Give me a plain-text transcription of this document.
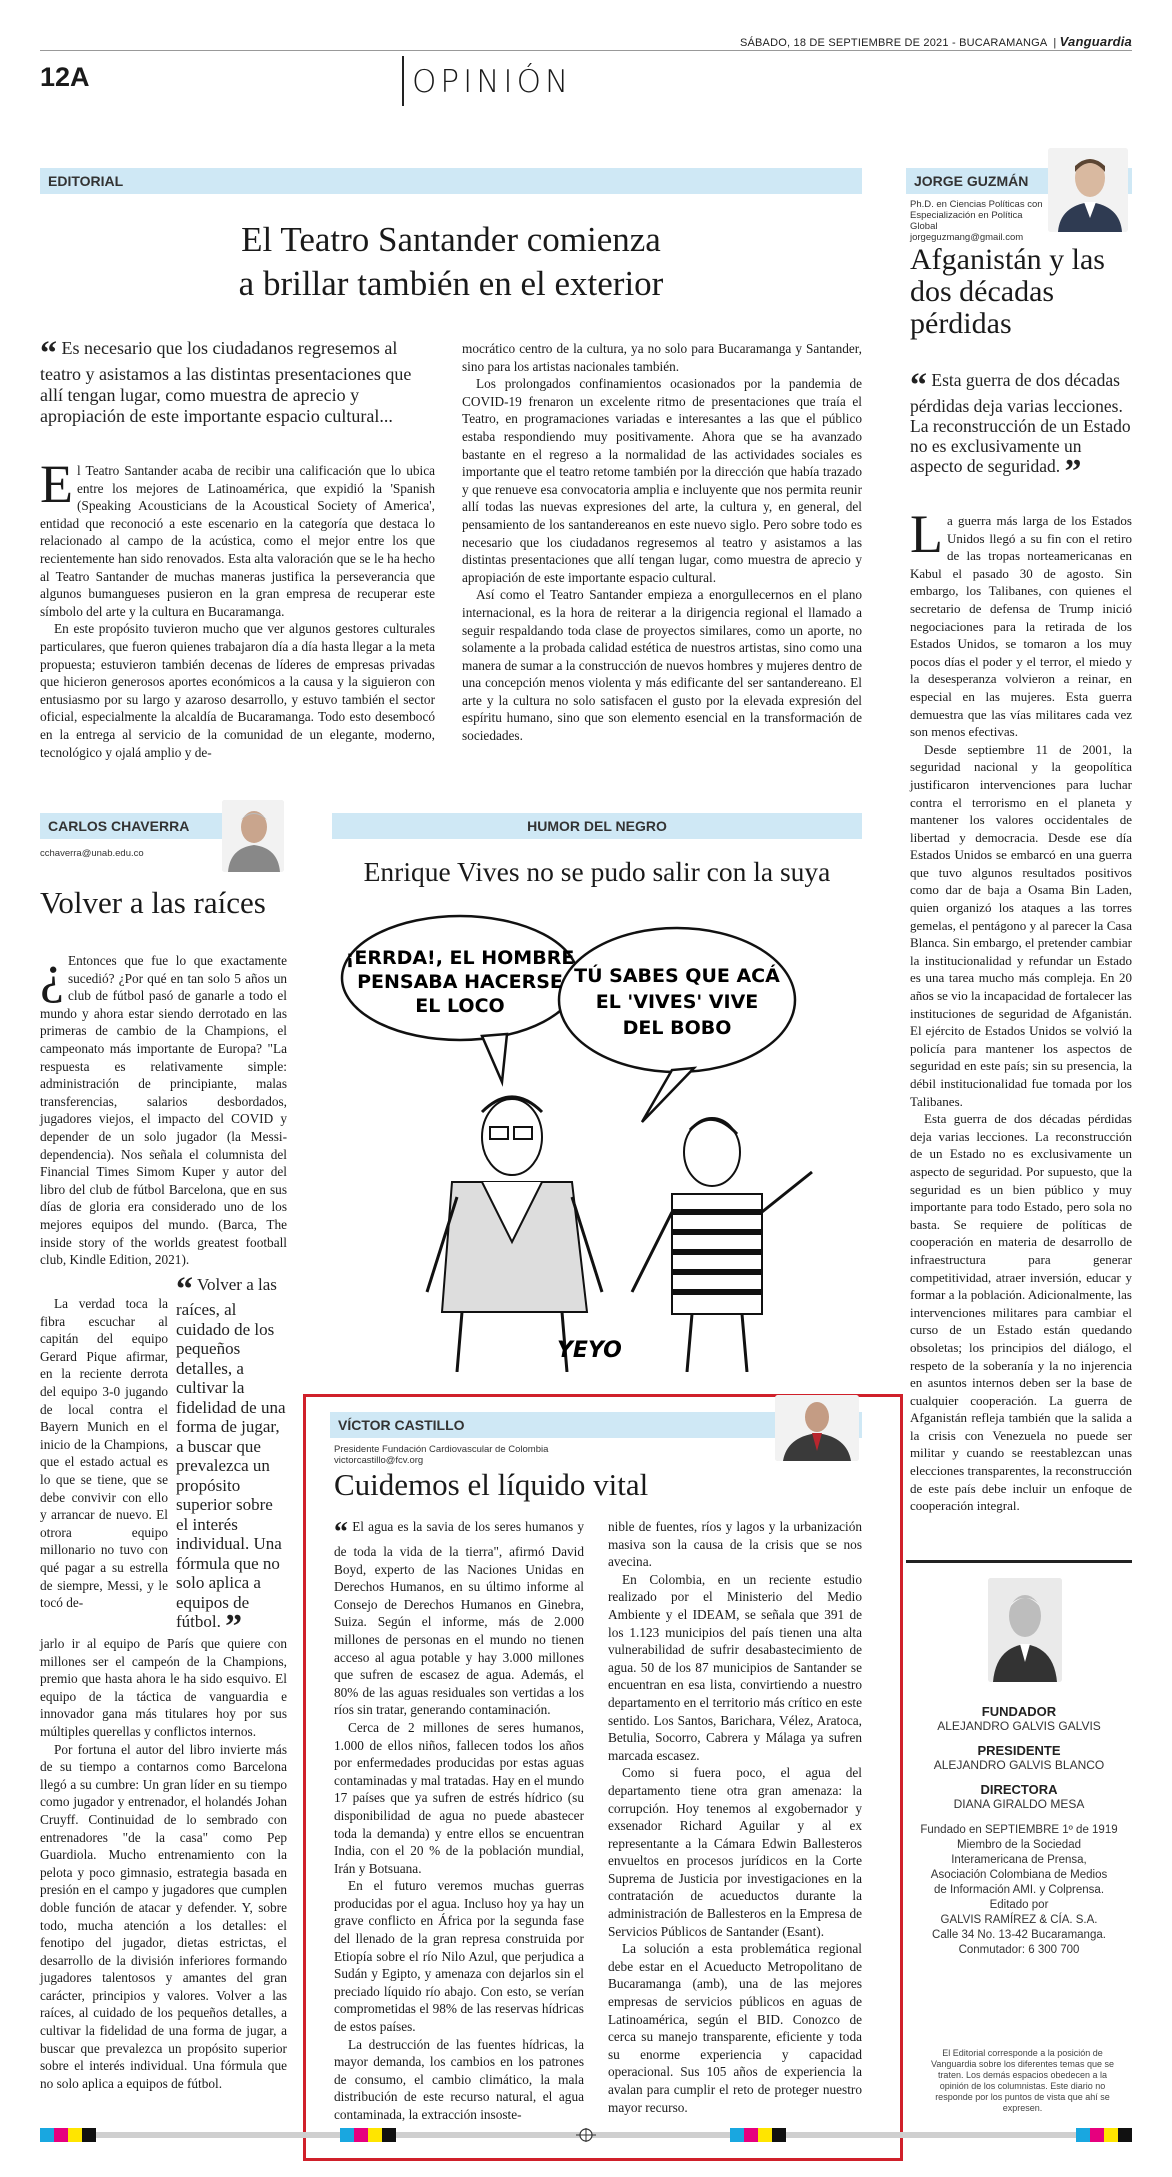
SÁBADO, 18 DE SEPTIEMBRE DE 2021 - BUCARAMANGA  | Vanguardia
12A	OPINIÓN
EDITORIAL
El Teatro Santander comienza
a brillar también en el exterior
“ Es necesario que los ciudadanos regresemos al teatro y asistamos a las distintas presentaciones que allí tengan lugar, como muestra de aprecio y apropiación de este importante espacio cultural...
E l Teatro Santander acaba de recibir una calificación que lo ubica entre los mejores de Latinoamérica, que expidió la 'Spanish (Speaking Acousticians de la Acoustical Society of America', entidad que reconoció a este escenario en la categoría que destaca lo relacionado al campo de la acústica, como el mejor entre los que recientemente han sido renovados. Esta alta valoración que se le ha hecho al Teatro Santander de muchas maneras justifica la perseverancia que algunos bumangueses pusieron en la gran empresa de recuperar este símbolo del arte y la cultura en Bucaramanga.

En este propósito tuvieron mucho que ver algunos gestores culturales particulares, que fueron quienes trabajaron día a día hasta llegar a la meta propuesta; estuvieron también decenas de líderes de empresas privadas que hicieron generosos aportes económicos a la causa y la siguieron con entusiasmo por su largo y azaroso desarrollo, y estuvo también el sector oficial, especialmente la alcaldía de Bucaramanga. Todo esto desembocó en la entrega al servicio de la comunidad de un elegante, moderno, tecnológico y ojalá amplio y de-

mocrático centro de la cultura, ya no solo para Bucaramanga y Santander, sino para los artistas nacionales también.

Los prolongados confinamientos ocasionados por la pandemia de COVID-19 frenaron un excelente ritmo de presentaciones que traía el Teatro, en programaciones variadas e interesantes a las que el público estaba respondiendo muy positivamente. Ahora que se ha avanzado bastante en el regreso a la normalidad de las actividades sociales es importante que el teatro retome también por la dirección que había trazado y que renueve esa convocatoria amplia e incluyente que nos permita reunir allí todas las nuevas expresiones del arte, la cultura y, en general, del pensamiento de los santandereanos en este nuevo siglo. Pero sobre todo es necesario que los ciudadanos regresemos al teatro y asistamos a las distintas presentaciones que allí tengan lugar, como muestra de aprecio y apropiación de este importante espacio cultural.

Así como el Teatro Santander empieza a enorgullecernos en el plano internacional, es la hora de reiterar a la dirigencia regional el llamado a seguir respaldando toda clase de proyectos similares, como un aporte, no solamente a la probada calidad estética de nuestros artistas, sino como una manera de sumar a la construcción de nuevos hombres y mujeres dentro de una concepción menos violenta y más edificante del ser santandereano. El arte y la cultura no solo satisfacen el gusto por la elevada expresión del espíritu humano, sino que son elemento esencial en la transformación de sociedades.

JORGE GUZMÁN
Ph.D. en Ciencias Políticas con Especialización en Política Global
jorgeguzmang@gmail.com
Afganistán y las dos décadas pérdidas
“ Esta guerra de dos décadas pérdidas deja varias lecciones. La reconstrucción de un Estado no es exclusivamente un aspecto de seguridad. ”
L a guerra más larga de los Estados Unidos llegó a su fin con el retiro de las tropas norteamericanas en Kabul el pasado 30 de agosto. Sin embargo, los Talibanes, con quienes el secretario de defensa de Trump inició negociaciones para la retirada de los Estados Unidos, se tomaron a los muy pocos días el poder y el terror, el miedo y la desesperanza volvieron a reinar, en especial en las mujeres. Esta guerra demuestra que las vías militares cada vez son menos efectivas.

Desde septiembre 11 de 2001, la seguridad nacional y la geopolítica justificaron intervenciones para luchar contra el terrorismo en el planeta y mantener los valores occidentales de libertad y democracia. Desde ese día Estados Unidos se embarcó en una guerra que tuvo algunos resultados positivos como dar de baja a Osama Bin Laden, quien organizó los ataques a las torres gemelas, el pentágono y al parecer la Casa Blanca. Sin embargo, el pretender cambiar la institucionalidad y refundar un Estado es una tarea mucho más compleja. En 20 años se vio la incapacidad de fortalecer las instituciones de seguridad de Afganistán. El ejército de Estados Unidos se volvió la policía para mantener los aspectos de seguridad en este país; sin su presencia, la débil institucionalidad fue tomada por los Talibanes.

Esta guerra de dos décadas pérdidas deja varias lecciones. La reconstrucción de un Estado no es exclusivamente un aspecto de seguridad. Por supuesto, que la seguridad es un bien público y muy importante para todo Estado, pero sola no basta. Se requiere de políticas de cooperación en materia de desarrollo de infraestructura para generar competitividad, atraer inversión, educar y formar a la población. Adicionalmente, las intervenciones militares para cambiar el curso de un Estado están quedando obsoletas; los principios del diálogo, el respeto de la soberanía y la no injerencia en asuntos internos deben ser la base de cualquier cooperación. La guerra de Afganistán refleja también que la salida a la crisis con Venezuela no puede ser militar y cuando se reestablezcan unas elecciones transparentes, la reconstrucción de este país debe incluir un enfoque de cooperación integral.

CARLOS CHAVERRA
cchaverra@unab.edu.co
Volver a las raíces
¿ Entonces que fue lo que exactamente sucedió? ¿Por qué en tan solo 5 años un club de fútbol pasó de ganarle a todo el mundo y ahora estar siendo derrotado en las primeras de cambio de la Champions, el campeonato más importante de Europa? "La respuesta es relativamente simple: administración de principiante, malas transferencias, salarios desbordados, jugadores viejos, el impacto del COVID y depender de un solo jugador (la Messi-dependencia). Nos señala el columnista del Financial Times Simom Kuper y autor del libro del club de fútbol Barcelona, que en sus días de gloria era considerado uno de los mejores equipos del mundo. (Barca, The inside story of the worlds greatest football club, Kindle Edition, 2021).

La verdad toca la fibra escuchar al capitán del equipo Gerard Pique afirmar, en la reciente derrota del equipo 3-0 jugando de local contra el Bayern Munich en el inicio de la Champions, que el estado actual es lo que se tiene, que se debe convivir con ello y arrancar de nuevo. El otrora equipo millonario no tuvo con qué pagar a su estrella de siempre, Messi, y le tocó de-

“ Volver a las raíces, al cuidado de los pequeños detalles, a cultivar la fidelidad de una forma de jugar, a buscar que prevalezca un propósito superior sobre el interés individual. Una fórmula que no solo aplica a equipos de fútbol. ”
jarlo ir al equipo de París que quiere con millones ser el campeón de la Champions, premio que hasta ahora le ha sido esquivo. El equipo de la táctica de vanguardia e innovador gana más titulares hoy por sus múltiples querellas y conflictos internos.

Por fortuna el autor del libro invierte más de su tiempo a contarnos como Barcelona llegó a su cumbre: Un gran líder en su tiempo como jugador y entrenador, el holandés Johan Cruyff. Continuidad de lo sembrado con entrenadores "de la casa" como Pep Guardiola. Mucho entrenamiento con la pelota y poco gimnasio, estrategia basada en presión en el campo y jugadores que cumplen doble función de atacar y defender. Y, sobre todo, mucha atención a los detalles: el fenotipo del jugador, dietas estrictas, el desarrollo de la división inferiores formando jugadores talentosos y amantes del gran carácter, principios y valores. Volver a las raíces, al cuidado de los pequeños detalles, a cultivar la fidelidad de una forma de jugar, a buscar que prevalezca un propósito superior sobre el interés individual. Una fórmula que no solo aplica a equipos de fútbol.

HUMOR DEL NEGRO
Enrique Vives no se pudo salir con la suya
¡ERRDA!, EL HOMBRE
PENSABA HACERSE
EL LOCO
TÚ SABES QUE ACÁ
EL 'VIVES' VIVE
DEL BOBO
YEYO
VÍCTOR CASTILLO
Presidente Fundación Cardiovascular de Colombia
victorcastillo@fcv.org
Cuidemos el líquido vital
“ El agua es la savia de los seres humanos y de toda la vida de la tierra", afirmó David Boyd, experto de las Naciones Unidas en Derechos Humanos, en su último informe al Consejo de Derechos Humanos en Ginebra, Suiza. Según el informe, más de 2.000 millones de personas en el mundo no tienen acceso al agua potable y hay 3.000 millones que sufren de escasez de agua. Además, el 80% de las aguas residuales son vertidas a los ríos sin tratar, generando contaminación.

Cerca de 2 millones de seres humanos, 1.000 de ellos niños, fallecen todos los años por enfermedades producidas por estas aguas contaminadas y mal tratadas. Hay en el mundo 17 países que ya sufren de estrés hídrico (su disponibilidad de agua no puede abastecer toda la demanda) y entre ellos se encuentran India, con el 20 % de la población mundial, Irán y Botsuana.

En el futuro veremos muchas guerras producidas por el agua. Incluso hoy ya hay un grave conflicto en África por la segunda fase del llenado de la gran represa construida por Etiopía sobre el río Nilo Azul, que perjudica a Sudán y Egipto, y amenaza con dejarlos sin el preciado líquido río abajo. Con esto, se verían comprometidas el 98% de las reservas hídricas de estos países.

La destrucción de las fuentes hídricas, la mayor demanda, los cambios en los patrones de consumo, el cambio climático, la mala distribución de este recurso natural, el agua contaminada, la extracción insoste-

nible de fuentes, ríos y lagos y la urbanización masiva son la causa de la crisis que se nos avecina.

En Colombia, en un reciente estudio realizado por el Ministerio del Medio Ambiente y el IDEAM, se señala que 391 de los 1.123 municipios del país tienen una alta vulnerabilidad de sufrir desabastecimiento de agua. 50 de los 87 municipios de Santander se encuentran en esa lista, convirtiendo a nuestro departamento en el territorio más crítico en este sentido. Los Santos, Barichara, Vélez, Aratoca, Betulia, Socorro, Cabrera y Málaga ya sufren marcada escasez.

Como si fuera poco, el agua del departamento tiene otra gran amenaza: la corrupción. Hoy tenemos al exgobernador y exsenador Richard Aguilar y al ex representante a la Cámara Edwin Ballesteros envueltos en procesos jurídicos en la Corte Suprema de Justicia por investigaciones en la contratación de acueductos durante la administración de Ballesteros en la Empresa de Servicios Públicos de Santander (Esant).

La solución a esta problemática regional debe estar en el Acueducto Metropolitano de Bucaramanga (amb), una de las mejores empresas de servicios públicos en aguas de Latinoamérica, según el BID. Conozco de cerca su manejo transparente, eficiente y toda su enorme experiencia y capacidad operacional. Sus 105 años de experiencia la avalan para cumplir el reto de proteger nuestro mayor recurso.

FUNDADOR
ALEJANDRO GALVIS GALVIS
PRESIDENTE
ALEJANDRO GALVIS BLANCO
DIRECTORA
DIANA GIRALDO MESA
Fundado en SEPTIEMBRE 1º de 1919
Miembro de la Sociedad
Interamericana de Prensa,
Asociación Colombiana de Medios
de Información AMI. y Colprensa.
Editado por
GALVIS RAMÍREZ & CÍA. S.A.
Calle 34 No. 13-42 Bucaramanga.
Conmutador: 6 300 700
El Editorial corresponde a la posición de Vanguardia sobre los diferentes temas que se traten. Los demás espacios obedecen a la opinión de los columnistas. Este diario no responde por los puntos de vista que ahí se expresen.
